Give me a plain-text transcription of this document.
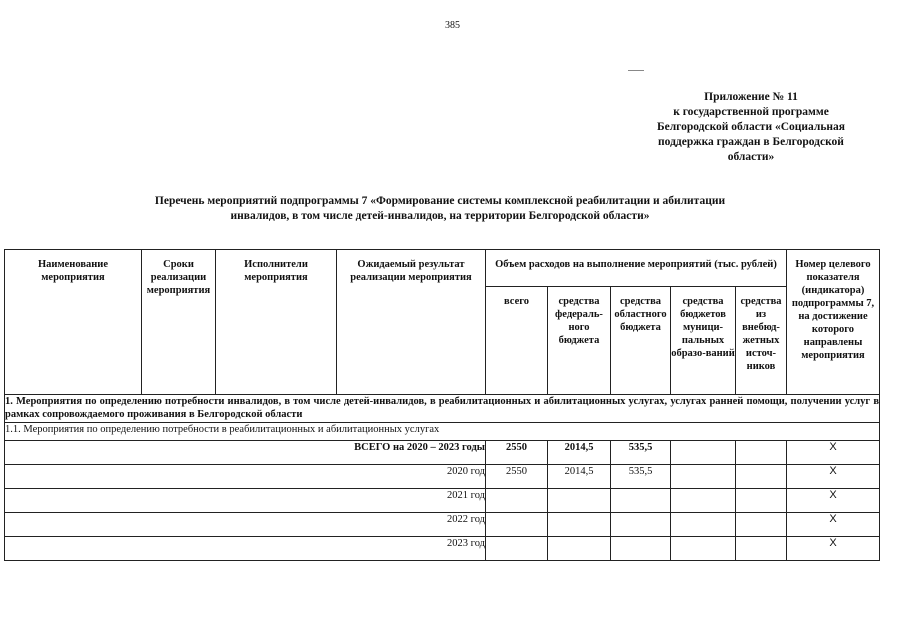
385
Приложение № 11
к государственной программе
Белгородской области «Социальная
поддержка граждан в Белгородской
области»
Перечень мероприятий подпрограммы 7 «Формирование системы комплексной реабилитации и абилитации
инвалидов, в том числе детей-инвалидов, на территории Белгородской области»
Наименование мероприятия	Сроки реализации мероприятия	Исполнители мероприятия	Ожидаемый результат реализации мероприятия	Объем расходов на выполнение мероприятий (тыс. рублей)					Номер целевого показателя (индикатора) подпрограммы 7, на достижение которого направлены мероприятия

				всего	средства федераль-ного бюджета	средства областного бюджета	средства бюджетов муници-пальных образо-ваний	средства из внебюд-жетных источ-ников	

1. Мероприятия по определению потребности инвалидов, в том числе детей-инвалидов, в реабилитационных и абилитационных услугах, услугах ранней помощи, получении услуг в рамках сопровождаемого проживания в Белгородской области									
1.1. Мероприятия по определению потребности в реабилитационных и абилитационных услугах									
ВСЕГО на 2020 – 2023 годы				2550	2014,5	535,5			Х
2020 год				2550	2014,5	535,5			Х
2021 год									Х
2022 год									Х
2023 год									Х
